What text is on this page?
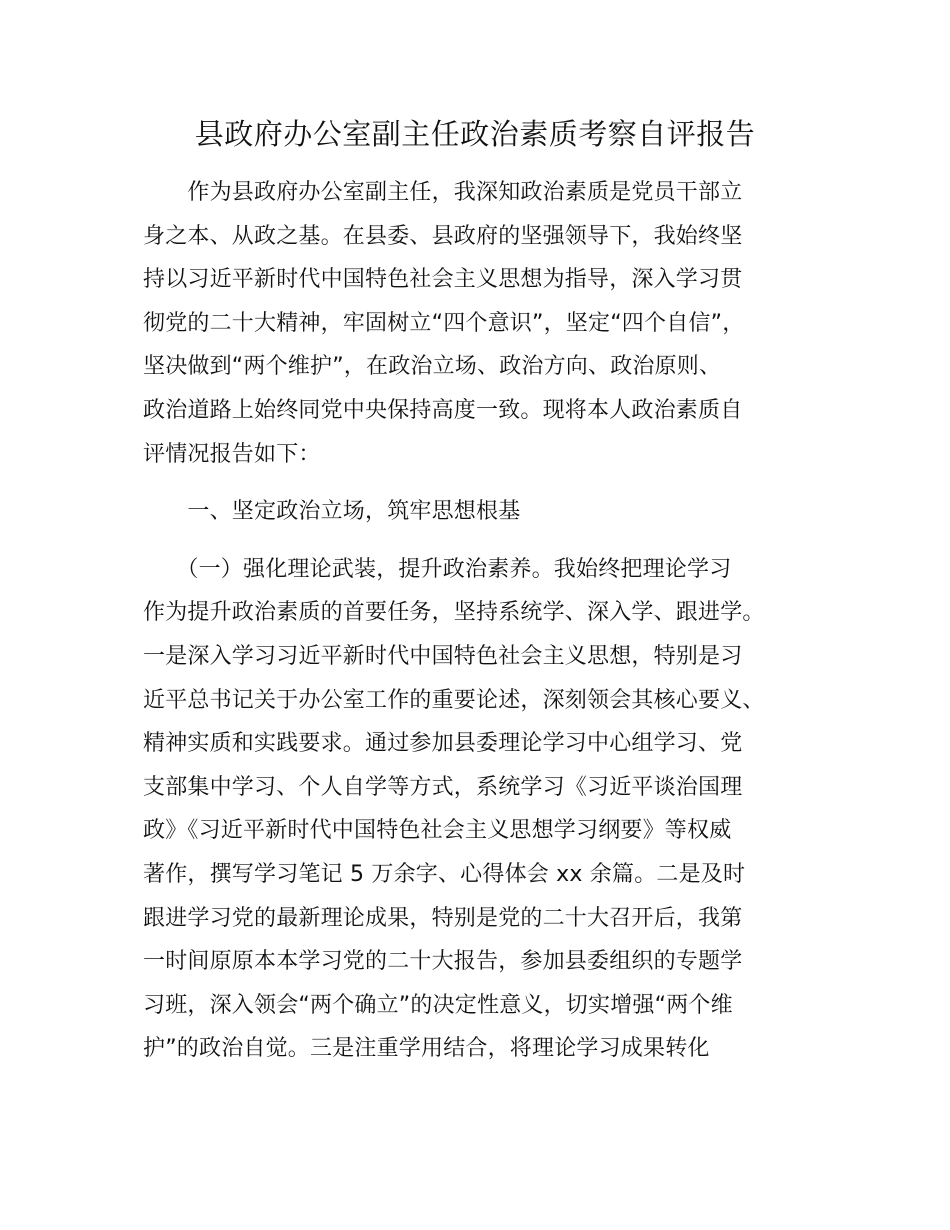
县政府办公室副主任政治素质考察自评报告
　　作为县政府办公室副主任，我深知政治素质是党员干部立
身之本、从政之基。在县委、县政府的坚强领导下，我始终坚
持以习近平新时代中国特色社会主义思想为指导，深入学习贯
彻党的二十大精神，牢固树立“四个意识”，坚定“四个自信”，
坚决做到“两个维护”，在政治立场、政治方向、政治原则、
政治道路上始终同党中央保持高度一致。现将本人政治素质自
评情况报告如下：
　　一、坚定政治立场，筑牢思想根基
　　（一）强化理论武装，提升政治素养。我始终把理论学习
作为提升政治素质的首要任务，坚持系统学、深入学、跟进学。
一是深入学习习近平新时代中国特色社会主义思想，特别是习
近平总书记关于办公室工作的重要论述，深刻领会其核心要义、
精神实质和实践要求。通过参加县委理论学习中心组学习、党
支部集中学习、个人自学等方式，系统学习《习近平谈治国理
政》《习近平新时代中国特色社会主义思想学习纲要》等权威
著作，撰写学习笔记 5 万余字、心得体会 xx 余篇。二是及时
跟进学习党的最新理论成果，特别是党的二十大召开后，我第
一时间原原本本学习党的二十大报告，参加县委组织的专题学
习班，深入领会“两个确立”的决定性意义，切实增强“两个维
护”的政治自觉。三是注重学用结合，将理论学习成果转化
